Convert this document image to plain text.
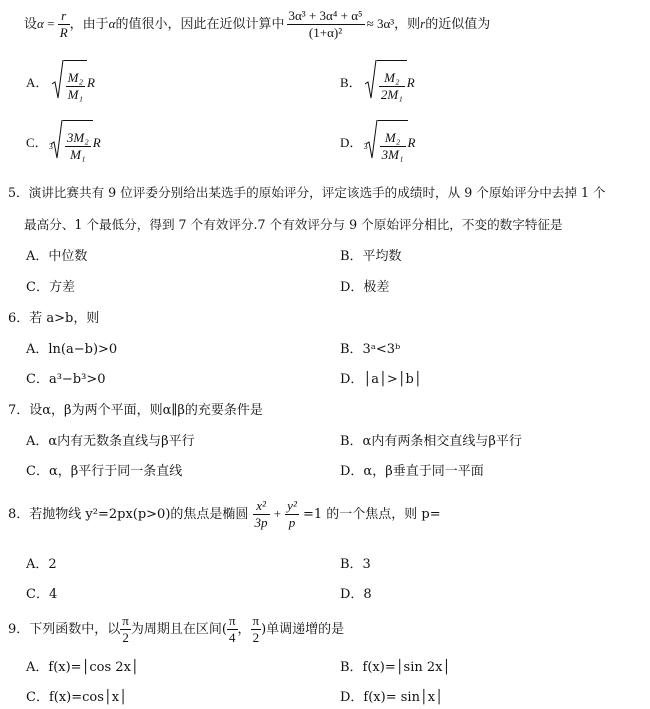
设$\alpha = \frac{r}{R}$ ，由于α的值很小，因此在近似计算中 $\frac{\text{3α³ + 3α⁴ + α⁵}}{\text{(1+α)²}} \approx 3\alpha^3$，则r的近似值为
A． $\frac{\text{M₂}}{\text{M₁}}$ R	B． $\frac{\text{M₂}}{\text{2M₁}}$ R
C． $3 \frac{\text{3M₂}}{\text{M₁}}$ R	D． $3 \frac{\text{M₂}}{\text{3M₁}}$ R
5．演讲比赛共有 9 位评委分别给出某选手的原始评分，评定该选手的成绩时，从 9 个原始评分中去掉 1 个
最高分、1 个最低分，得到 7 个有效评分.7 个有效评分与 9 个原始评分相比，不变的数字特征是
A．中位数	B．平均数
C．方差	D．极差
6．若 a>b，则
A．ln(a−b)>0	B．3ᵃ<3ᵇ
C．a³−b³>0	D．│a│>│b│
7．设α，β为两个平面，则α∥β的充要条件是
A．α内有无数条直线与β平行	B．α内有两条相交直线与β平行
C．α，β平行于同一条直线	D．α，β垂直于同一平面
8．若抛物线 y²=2px(p>0)的焦点是椭圆 $\frac{\text{x²}}{3p} + \frac{\text{y²}}{p} =1$ 的一个焦点，则 p=
A．2	B．3
C．4	D．8
9．下列函数中，以 $\frac{\pi}{2}$ 为周期且在区间( $\frac{\pi}{4}$ ， $\frac{\pi}{2}$ )单调递增的是
A．f(x)=│cos 2x│	B．f(x)=│sin 2x│
C．f(x)=cos│x│	D．f(x)= sin│x│
